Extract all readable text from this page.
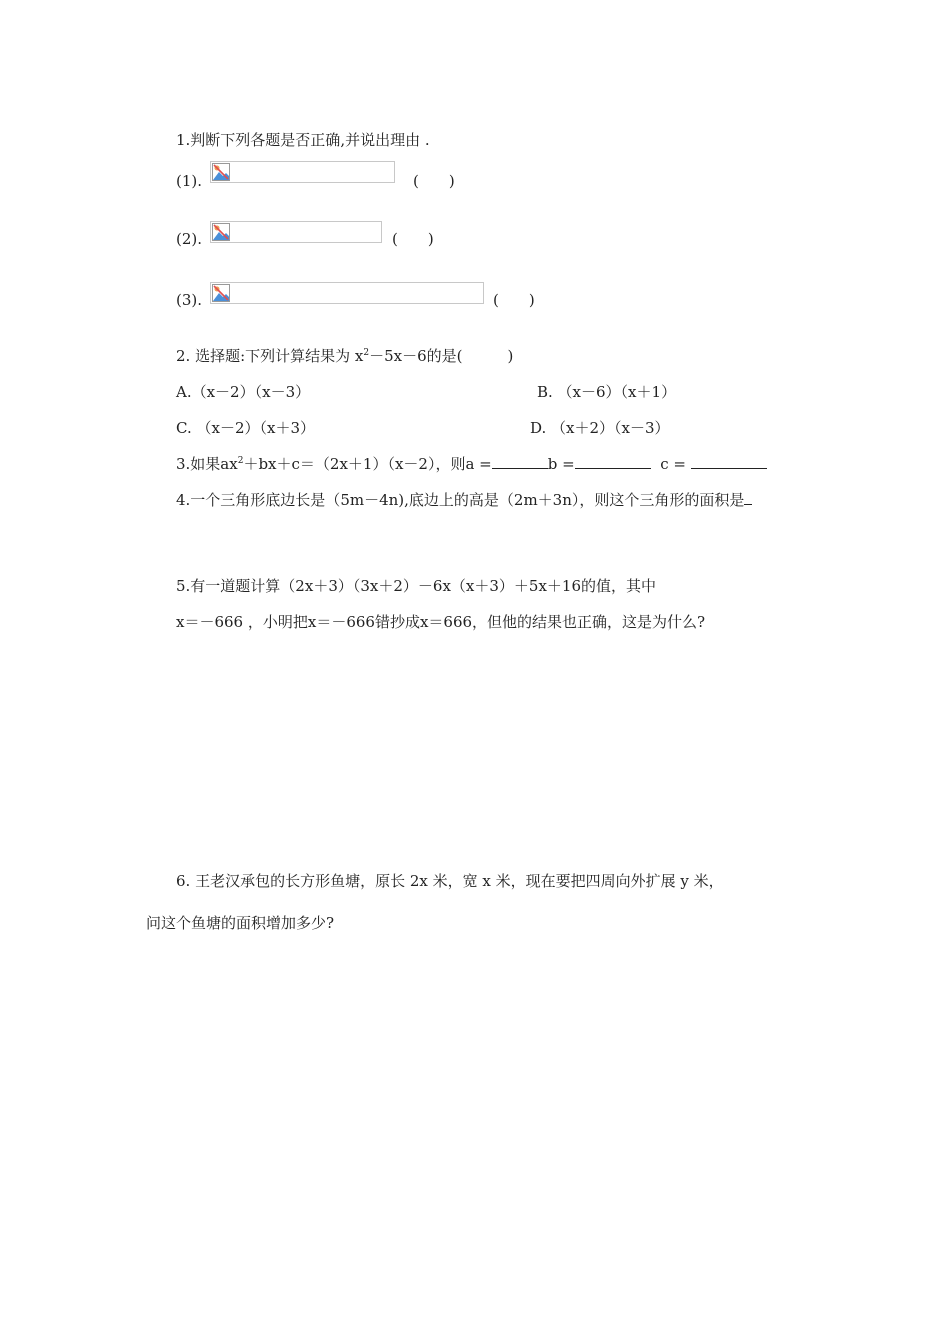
1.判断下列各题是否正确,并说出理由 .
(1).	(　　)
(2).	(　　)
(3).	(　　)
2. 选择题:下列计算结果为 $x^2-5x-6$的是(　　　)
A.（x－2）（x－3）	B. （x－6）（x＋1）
C. （x－2）（x＋3）	D. （x＋2）（x－3）
3.如果$ax^2+bx+c=(2x+1)(x-2)$，则a =	b =	c =
4.一个三角形底边长是（5m－4n),底边上的高是（2m＋3n），则这个三角形的面积是
5.有一道题计算（2x＋3）（3x＋2）－6x（x＋3）＋5x＋16的值，其中
x＝－666 ，小明把x＝－666错抄成x＝666，但他的结果也正确，这是为什么?
6. 王老汉承包的长方形鱼塘，原长 2x 米，宽 x 米，现在要把四周向外扩展 y 米，
问这个鱼塘的面积增加多少?
